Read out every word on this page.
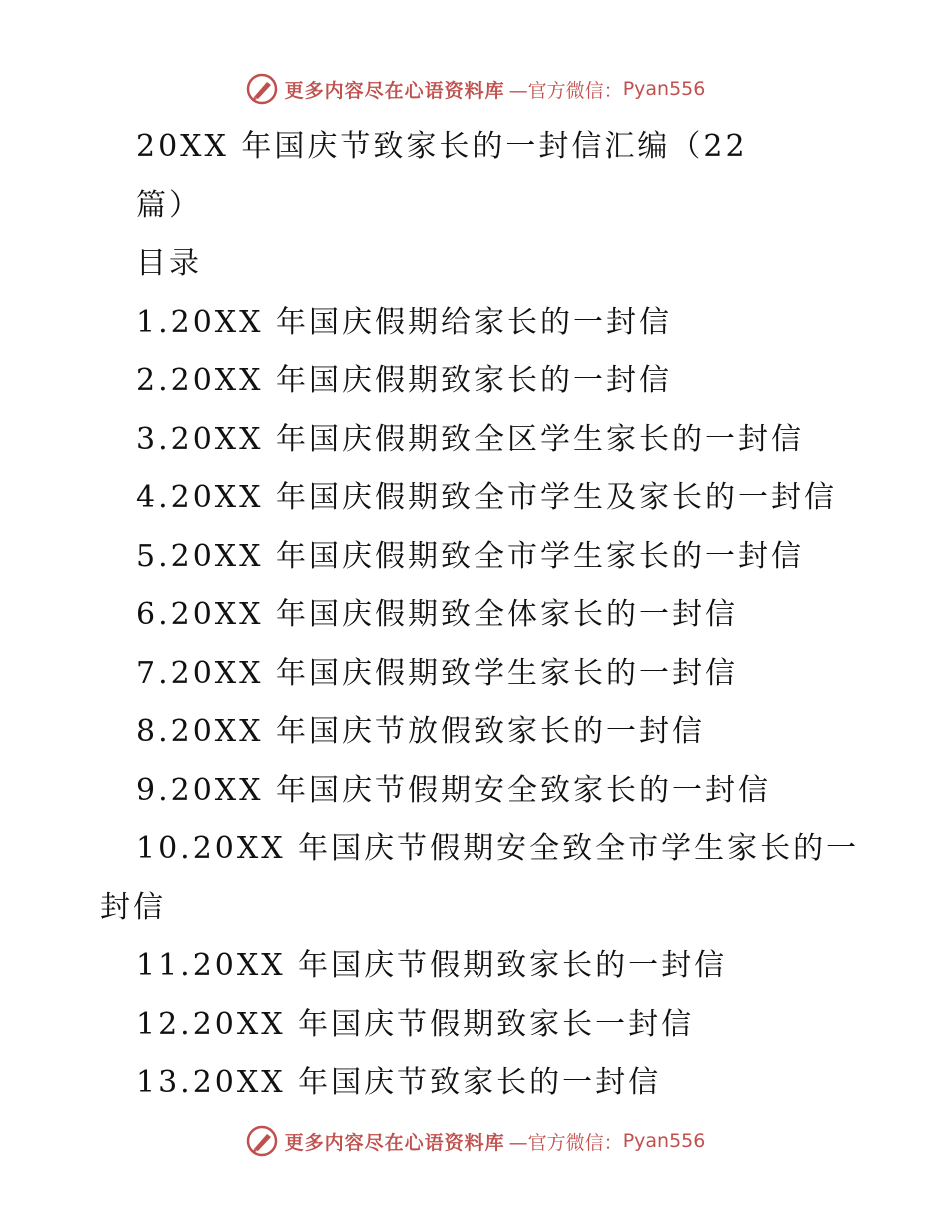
更多内容尽在心语资料库 —官方微信： Pyan556
20XX 年国庆节致家长的一封信汇编（22
篇）
目录
1.20XX 年国庆假期给家长的一封信
2.20XX 年国庆假期致家长的一封信
3.20XX 年国庆假期致全区学生家长的一封信
4.20XX 年国庆假期致全市学生及家长的一封信
5.20XX 年国庆假期致全市学生家长的一封信
6.20XX 年国庆假期致全体家长的一封信
7.20XX 年国庆假期致学生家长的一封信
8.20XX 年国庆节放假致家长的一封信
9.20XX 年国庆节假期安全致家长的一封信
10.20XX 年国庆节假期安全致全市学生家长的一封信
11.20XX 年国庆节假期致家长的一封信
12.20XX 年国庆节假期致家长一封信
13.20XX 年国庆节致家长的一封信
更多内容尽在心语资料库 —官方微信： Pyan556
